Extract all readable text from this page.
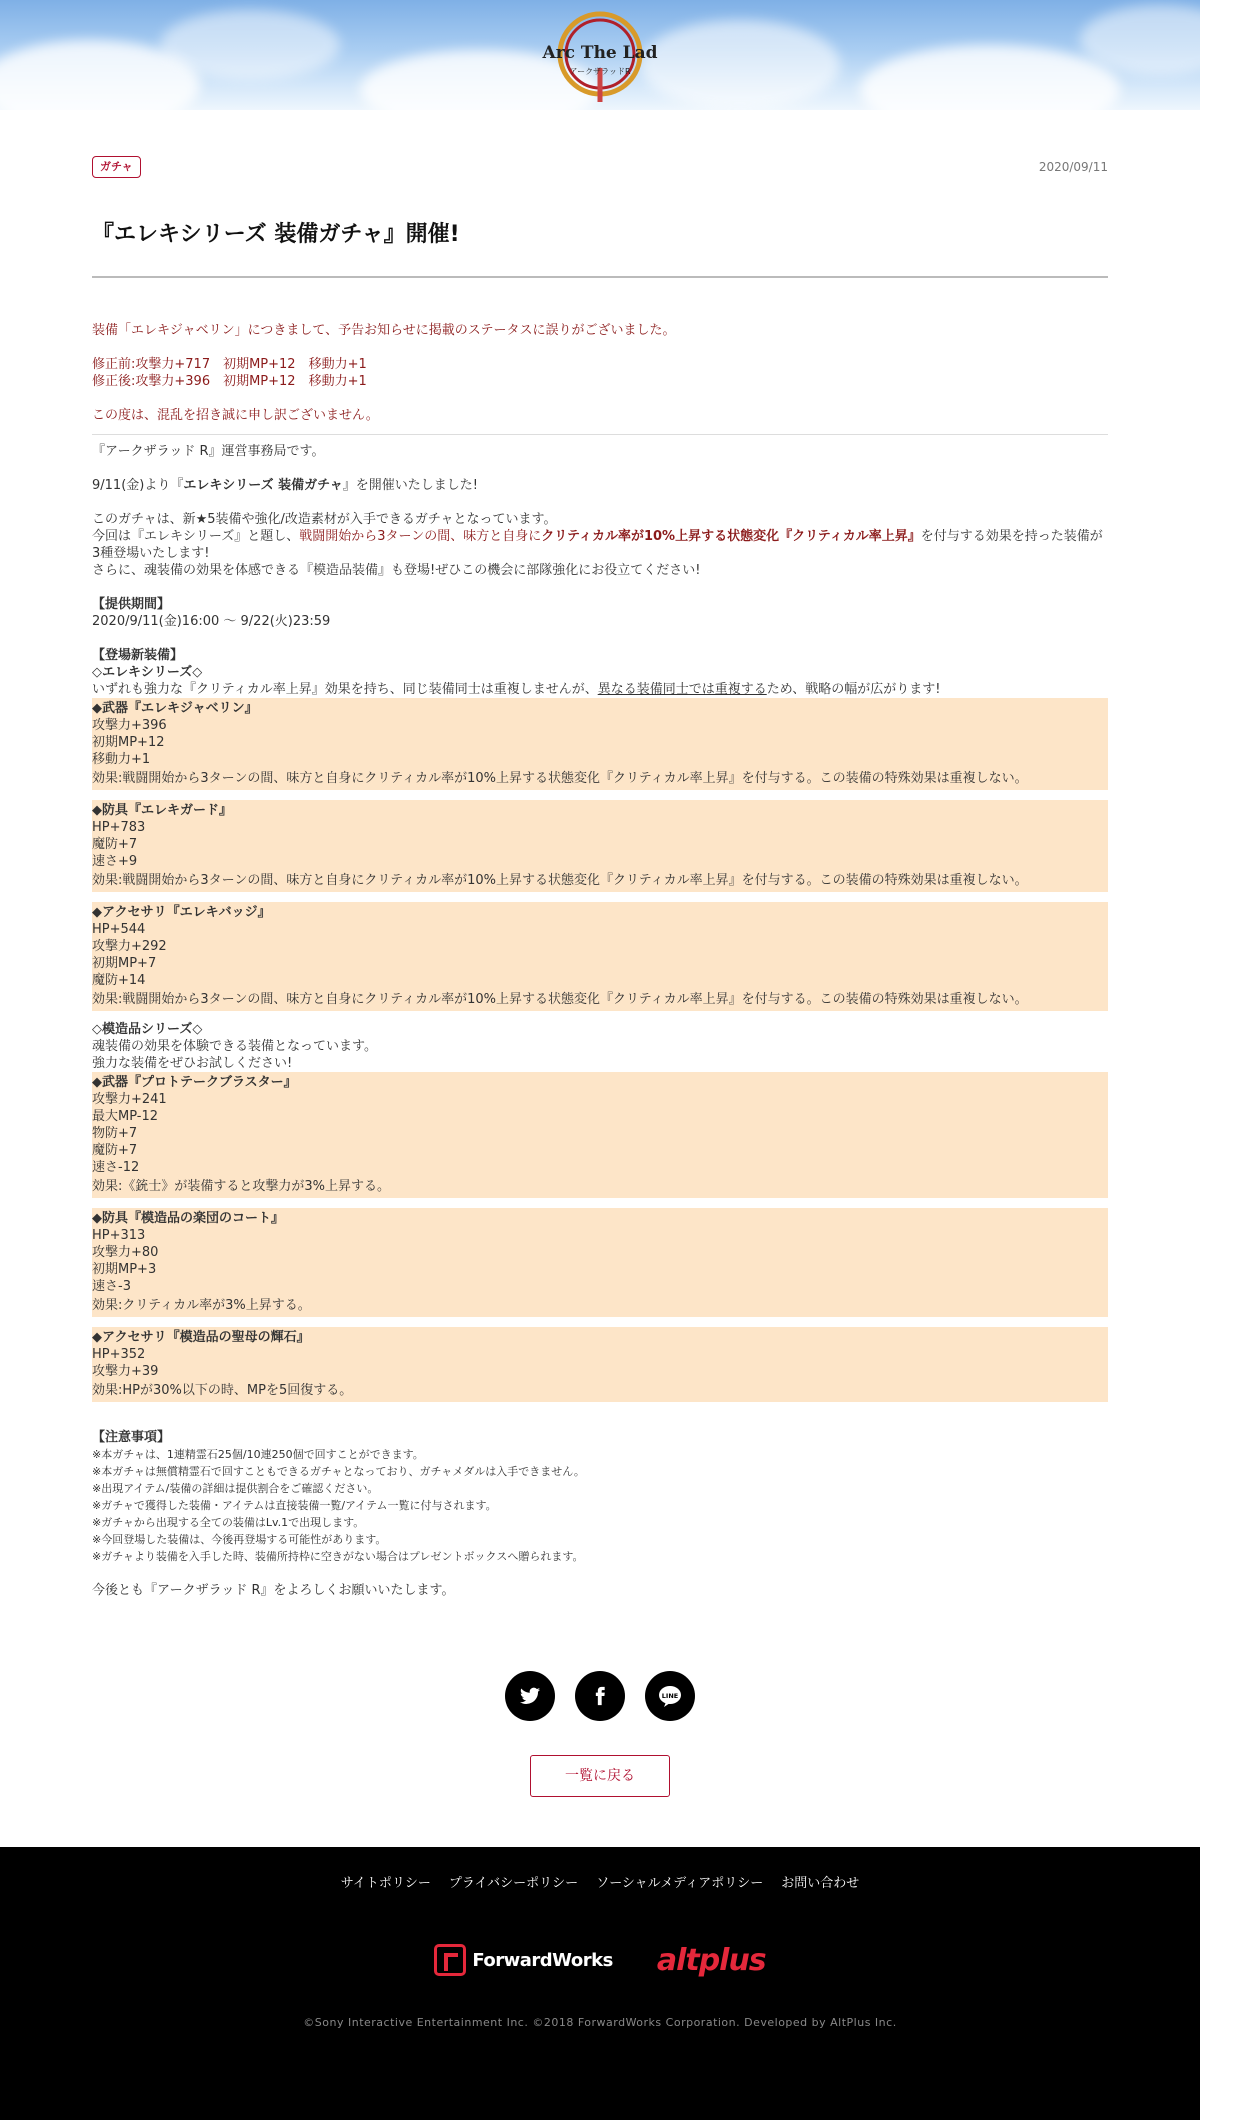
Arc The Lad
アークザラッドR
ガチャ	2020/09/11
『エレキシリーズ 装備ガチャ』開催!

装備「エレキジャベリン」につきまして、予告お知らせに掲載のステータスに誤りがございました。

修正前:攻撃力+717　初期MP+12　移動力+1

修正後:攻撃力+396　初期MP+12　移動力+1

この度は、混乱を招き誠に申し訳ございません。

『アークザラッド R』運営事務局です。

9/11(金)より『エレキシリーズ 装備ガチャ』を開催いたしました!

このガチャは、新★5装備や強化/改造素材が入手できるガチャとなっています。

今回は『エレキシリーズ』と題し、戦闘開始から3ターンの間、味方と自身にクリティカル率が10%上昇する状態変化『クリティカル率上昇』を付与する効果を持った装備が3種登場いたします!

さらに、魂装備の効果を体感できる『模造品装備』も登場!ぜひこの機会に部隊強化にお役立てください!

【提供期間】

2020/9/11(金)16:00 〜 9/22(火)23:59

【登場新装備】

◇エレキシリーズ◇

いずれも強力な『クリティカル率上昇』効果を持ち、同じ装備同士は重複しませんが、異なる装備同士では重複するため、戦略の幅が広がります!

◆武器『エレキジャベリン』

攻撃力+396

初期MP+12

移動力+1

効果:戦闘開始から3ターンの間、味方と自身にクリティカル率が10%上昇する状態変化『クリティカル率上昇』を付与する。この装備の特殊効果は重複しない。

◆防具『エレキガード』

HP+783

魔防+7

速さ+9

効果:戦闘開始から3ターンの間、味方と自身にクリティカル率が10%上昇する状態変化『クリティカル率上昇』を付与する。この装備の特殊効果は重複しない。

◆アクセサリ『エレキバッジ』

HP+544

攻撃力+292

初期MP+7

魔防+14

効果:戦闘開始から3ターンの間、味方と自身にクリティカル率が10%上昇する状態変化『クリティカル率上昇』を付与する。この装備の特殊効果は重複しない。

◇模造品シリーズ◇

魂装備の効果を体験できる装備となっています。

強力な装備をぜひお試しください!

◆武器『プロトテークブラスター』

攻撃力+241

最大MP-12

物防+7

魔防+7

速さ-12

効果:《銃士》が装備すると攻撃力が3%上昇する。

◆防具『模造品の楽団のコート』

HP+313

攻撃力+80

初期MP+3

速さ-3

効果:クリティカル率が3%上昇する。

◆アクセサリ『模造品の聖母の輝石』

HP+352

攻撃力+39

効果:HPが30%以下の時、MPを5回復する。

【注意事項】

※本ガチャは、1連精霊石25個/10連250個で回すことができます。

※本ガチャは無償精霊石で回すこともできるガチャとなっており、ガチャメダルは入手できません。

※出現アイテム/装備の詳細は提供割合をご確認ください。

※ガチャで獲得した装備・アイテムは直接装備一覧/アイテム一覧に付与されます。

※ガチャから出現する全ての装備はLv.1で出現します。

※今回登場した装備は、今後再登場する可能性があります。

※ガチャより装備を入手した時、装備所持枠に空きがない場合はプレゼントボックスへ贈られます。

今後とも『アークザラッド R』をよろしくお願いいたします。

LINE
一覧に戻る
サイトポリシー プライバシーポリシー ソーシャルメディアポリシー お問い合わせ
ForwardWorks altplus

©Sony Interactive Entertainment Inc. ©2018 ForwardWorks Corporation. Developed by AltPlus Inc.
